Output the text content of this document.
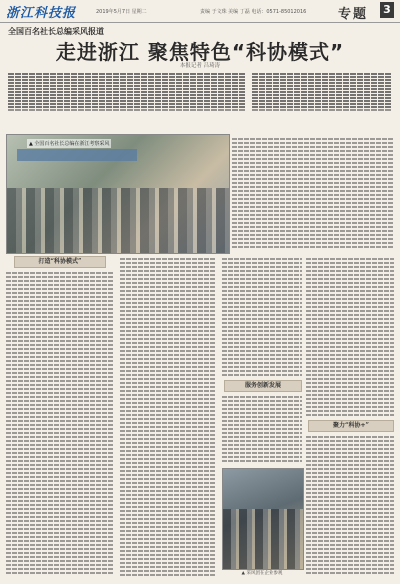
浙江科技报	2019年5月7日 星期二	责编 于文珠 美编 丁磊 电话：0571-85012016 专题 3
全国百名社长总编采风报道
走进浙江 聚焦特色“科协模式”
本报记者 吕琦涛
▲ 全国百名社长总编在浙江考察采风
打造“科协模式”
服务创新发展
聚力“科协+”
▲ 采风团在企业参观
